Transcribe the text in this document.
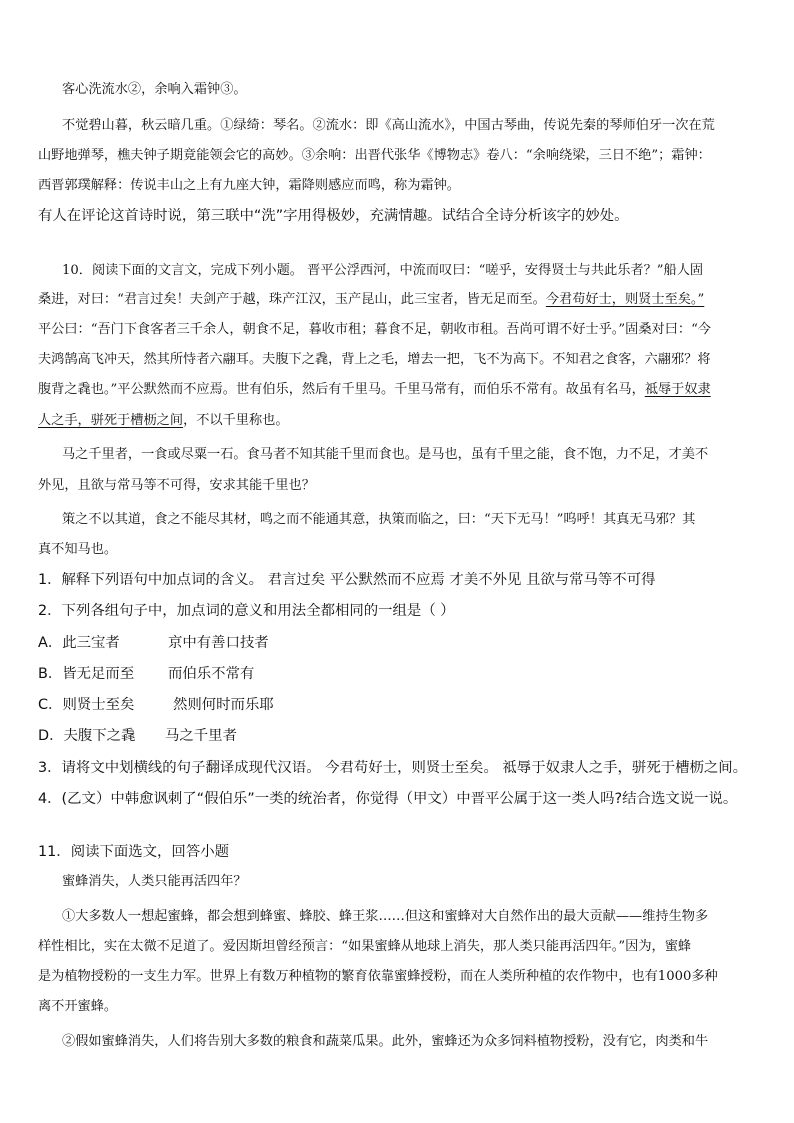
客心洗流水②，余响入霜钟③。
不觉碧山暮，秋云暗几重。①绿绮：琴名。②流水：即《高山流水》，中国古琴曲，传说先秦的琴师伯牙一次在荒
山野地弹琴，樵夫钟子期竟能领会它的高妙。③余响：出晋代张华《博物志》卷八：“余响绕梁，三日不绝”；霜钟：
西晋郭璞解释：传说丰山之上有九座大钟，霜降则感应而鸣，称为霜钟。
有人在评论这首诗时说，第三联中“洗”字用得极妙，充满情趣。试结合全诗分析该字的妙处。
10．阅读下面的文言文，完成下列小题。 晋平公浮西河，中流而叹曰：“嗟乎，安得贤士与共此乐者？”船人固
桑进，对曰：“君言过矣！夫剑产于越，珠产江汉，玉产昆山，此三宝者，皆无足而至。今君苟好士，则贤士至矣。”
平公曰：“吾门下食客者三千余人，朝食不足，暮收市租；暮食不足，朝收市租。吾尚可谓不好士乎。”固桑对曰：“今
夫鸿鹄高飞冲天，然其所恃者六翮耳。夫腹下之毳，背上之毛，增去一把，飞不为高下。不知君之食客，六翮邪？将
腹背之毳也。”平公默然而不应焉。世有伯乐，然后有千里马。千里马常有，而伯乐不常有。故虽有名马，祗辱于奴隶
人之手，骈死于槽枥之间，不以千里称也。
马之千里者，一食或尽粟一石。食马者不知其能千里而食也。是马也，虽有千里之能，食不饱，力不足，才美不
外见，且欲与常马等不可得，安求其能千里也？
策之不以其道，食之不能尽其材，鸣之而不能通其意，执策而临之，曰：“天下无马！”呜呼！其真无马邪？其
真不知马也。
1．解释下列语句中加点词的含义。 君言过矣 平公默然而不应焉 才美不外见 且欲与常马等不可得
2．下列各组句子中，加点词的意义和用法全都相同的一组是（ ）
A．此三宝者	京中有善口技者
B．皆无足而至 而伯乐不常有
C．则贤士至矣	然则何时而乐耶
D．夫腹下之毳 马之千里者
3．请将文中划横线的句子翻译成现代汉语。 今君苟好士，则贤士至矣。 祗辱于奴隶人之手，骈死于槽枥之间。
4．(乙文）中韩愈讽刺了“假伯乐”一类的统治者，你觉得（甲文）中晋平公属于这一类人吗?结合选文说一说。
11．阅读下面选文，回答小题
蜜蜂消失，人类只能再活四年？
①大多数人一想起蜜蜂，都会想到蜂蜜、蜂胶、蜂王浆……但这和蜜蜂对大自然作出的最大贡献——维持生物多
样性相比，实在太微不足道了。爱因斯坦曾经预言：“如果蜜蜂从地球上消失，那人类只能再活四年。”因为，蜜蜂
是为植物授粉的一支生力军。世界上有数万种植物的繁育依靠蜜蜂授粉，而在人类所种植的农作物中，也有1000多种
离不开蜜蜂。
②假如蜜蜂消失，人们将告别大多数的粮食和蔬菜瓜果。此外，蜜蜂还为众多饲料植物授粉，没有它，肉类和牛
